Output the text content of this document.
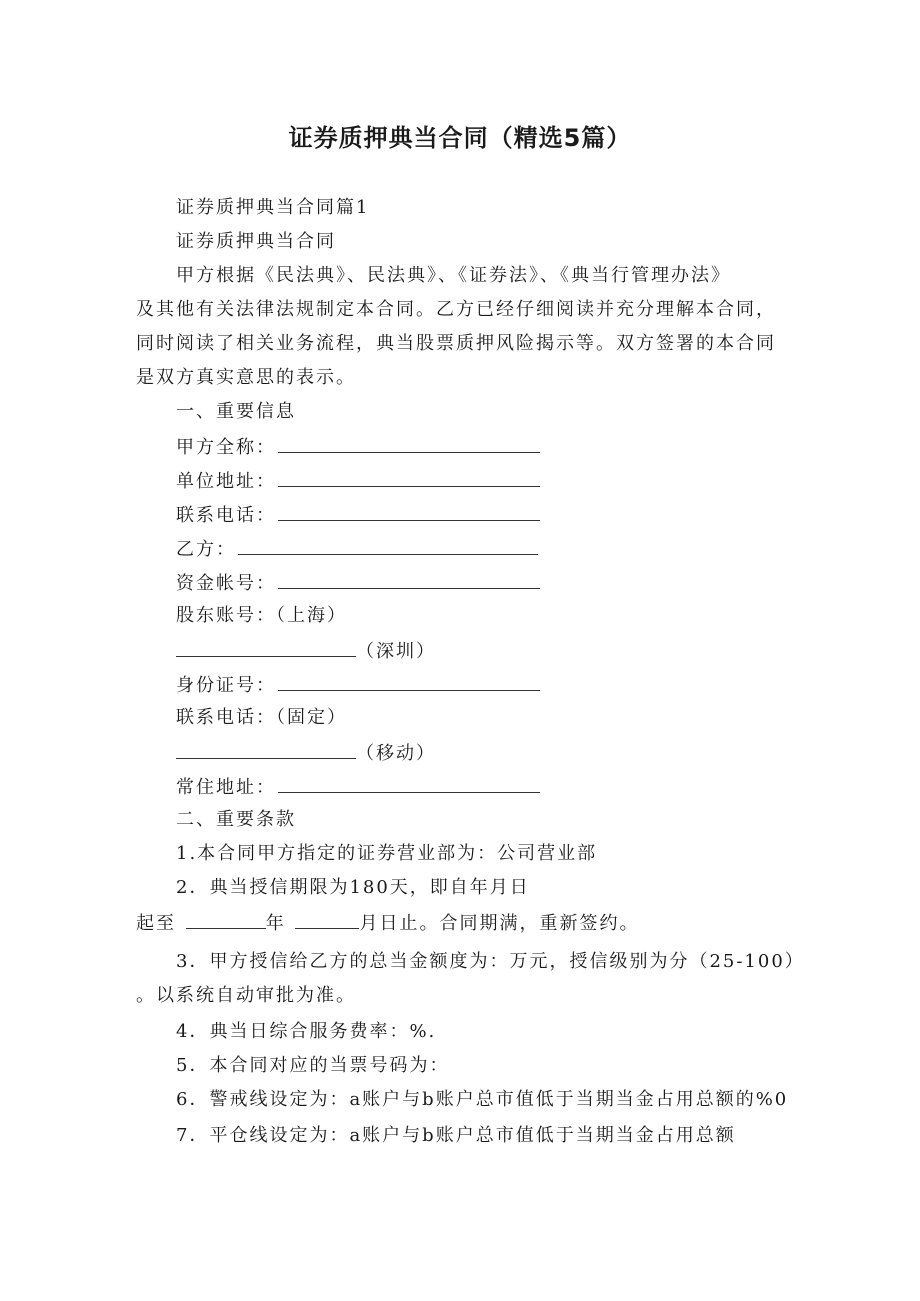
证券质押典当合同（精选5篇）
证券质押典当合同篇1
证券质押典当合同
甲方根据《民法典》、民法典》、《证券法》、《典当行管理办法》
及其他有关法律法规制定本合同。乙方已经仔细阅读并充分理解本合同，
同时阅读了相关业务流程，典当股票质押风险揭示等。双方签署的本合同
是双方真实意思的表示。
一、重要信息
甲方全称：
单位地址：
联系电话：
乙方：
资金帐号：
股东账号：（上海）
（深圳）
身份证号：
联系电话：（固定）
（移动）
常住地址：
二、重要条款
1.本合同甲方指定的证券营业部为：公司营业部
2．典当授信期限为180天，即自年月日
起至	年	月日止。合同期满，重新签约。
3．甲方授信给乙方的总当金额度为：万元，授信级别为分（25-100）
。以系统自动审批为准。
4．典当日综合服务费率：%.
5．本合同对应的当票号码为：
6．警戒线设定为：a账户与b账户总市值低于当期当金占用总额的%0
7．平仓线设定为：a账户与b账户总市值低于当期当金占用总额
